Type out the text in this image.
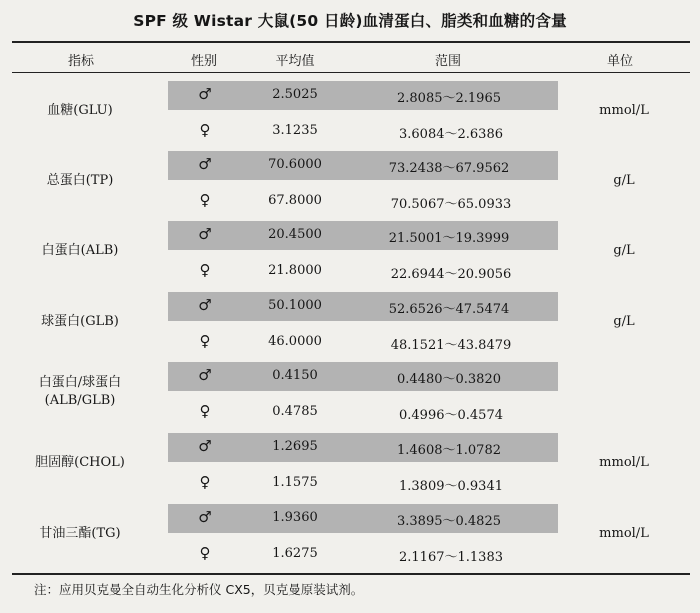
SPF 级 Wistar 大鼠(50 日龄)血清蛋白、脂类和血糖的含量
指标	性别	平均值	范围	单位
血糖(GLU)	mmol/L
♂	2.5025	2.8085～2.1965
♀	3.1235	3.6084～2.6386
总蛋白(TP)	g/L
♂	70.6000	73.2438～67.9562
♀	67.8000	70.5067～65.0933
白蛋白(ALB)	g/L
♂	20.4500	21.5001～19.3999
♀	21.8000	22.6944～20.9056
球蛋白(GLB)	g/L
♂	50.1000	52.6526～47.5474
♀	46.0000	48.1521～43.8479
白蛋白/球蛋白
(ALB/GLB)
♂	0.4150	0.4480～0.3820
♀	0.4785	0.4996～0.4574
胆固醇(CHOL)	mmol/L
♂	1.2695	1.4608～1.0782
♀	1.1575	1.3809～0.9341
甘油三酯(TG)	mmol/L
♂	1.9360	3.3895～0.4825
♀	1.6275	2.1167～1.1383
注：应用贝克曼全自动生化分析仪 CX5，贝克曼原装试剂。
